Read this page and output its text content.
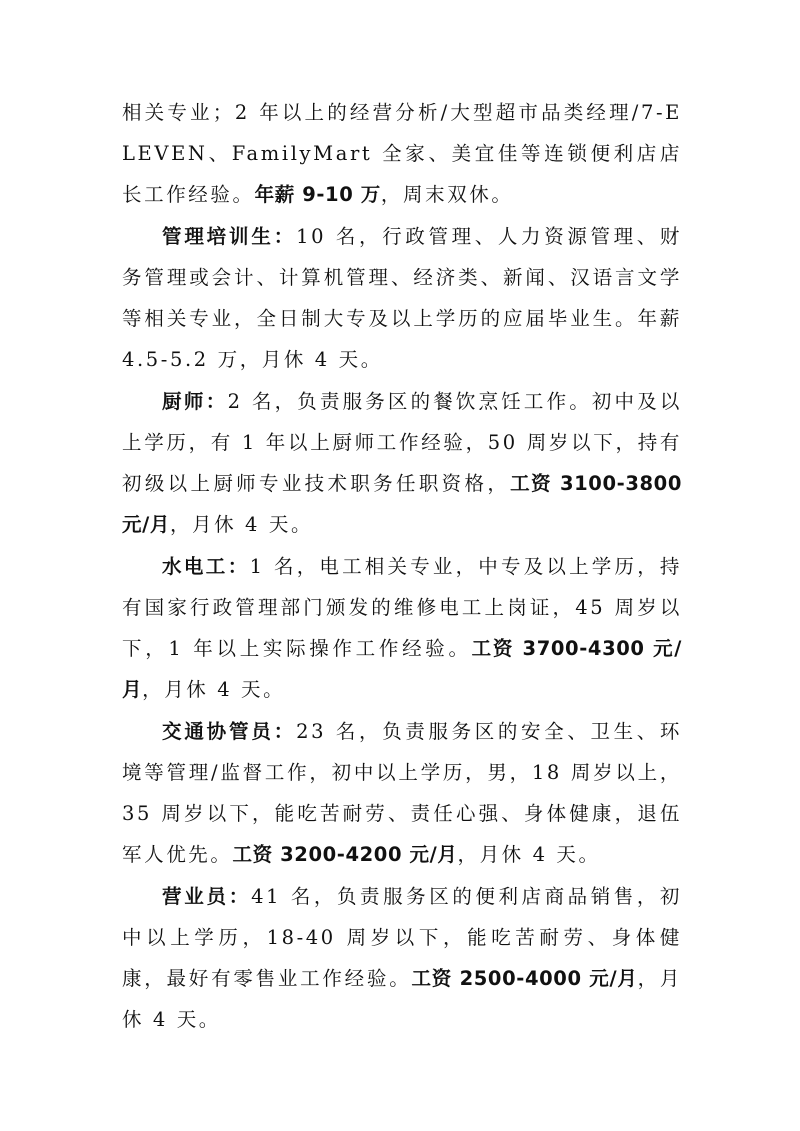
相关专业；2 年以上的经营分析/大型超市品类经理/7-ELEVEN、FamilyMart 全家、美宜佳等连锁便利店店长工作经验。年薪 9-10 万，周末双休。

管理培训生：10 名，行政管理、人力资源管理、财务管理或会计、计算机管理、经济类、新闻、汉语言文学等相关专业，全日制大专及以上学历的应届毕业生。年薪 4.5-5.2 万，月休 4 天。

厨师：2 名，负责服务区的餐饮烹饪工作。初中及以上学历，有 1 年以上厨师工作经验，50 周岁以下，持有初级以上厨师专业技术职务任职资格，工资 3100-3800 元/月，月休 4 天。

水电工：1 名，电工相关专业，中专及以上学历，持有国家行政管理部门颁发的维修电工上岗证，45 周岁以下，1 年以上实际操作工作经验。工资 3700-4300 元/月，月休 4 天。

交通协管员：23 名，负责服务区的安全、卫生、环境等管理/监督工作，初中以上学历，男，18 周岁以上，35 周岁以下，能吃苦耐劳、责任心强、身体健康，退伍军人优先。工资 3200-4200 元/月，月休 4 天。

营业员：41 名，负责服务区的便利店商品销售，初中以上学历，18-40 周岁以下，能吃苦耐劳、身体健康，最好有零售业工作经验。工资 2500-4000 元/月，月休 4 天。
